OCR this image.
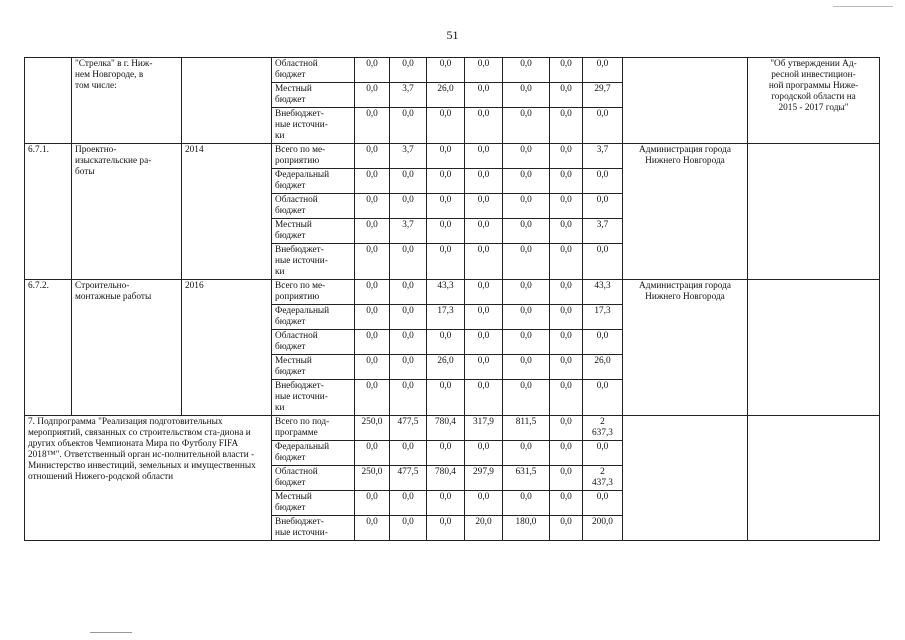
51
	"Стрелка" в г. Ниж-
нем Новгороде, в
том числе:		Областной
бюджет	0,0	0,0	0,0	0,0	0,0	0,0	0,0		"Об утверждении Ад-
ресной инвестицион-
ной программы Ниже-
городской области на
2015 - 2017 годы"
			Местный
бюджет	0,0	3,7	26,0	0,0	0,0	0,0	29,7		
			Внебюджет-
ные источни-
ки	0,0	0,0	0,0	0,0	0,0	0,0	0,0		
6.7.1.	Проектно-
изыскательские ра-
боты	2014	Всего по ме-
роприятию	0,0	3,7	0,0	0,0	0,0	0,0	3,7	Администрация города
Нижнего Новгорода	
			Федеральный
бюджет	0,0	0,0	0,0	0,0	0,0	0,0	0,0		
			Областной
бюджет	0,0	0,0	0,0	0,0	0,0	0,0	0,0		
			Местный
бюджет	0,0	3,7	0,0	0,0	0,0	0,0	3,7		
			Внебюджет-
ные источни-
ки	0,0	0,0	0,0	0,0	0,0	0,0	0,0		
6.7.2.	Строительно-
монтажные работы	2016	Всего по ме-
роприятию	0,0	0,0	43,3	0,0	0,0	0,0	43,3	Администрация города
Нижнего Новгорода	
			Федеральный
бюджет	0,0	0,0	17,3	0,0	0,0	0,0	17,3		
			Областной
бюджет	0,0	0,0	0,0	0,0	0,0	0,0	0,0		
			Местный
бюджет	0,0	0,0	26,0	0,0	0,0	0,0	26,0		
			Внебюджет-
ные источни-
ки	0,0	0,0	0,0	0,0	0,0	0,0	0,0		
7. Подпрограмма "Реализация подготовительных мероприятий, связанных со строительством ста-диона и других объектов Чемпионата Мира по Футболу FIFA 2018™". Ответственный орган ис-полнительной власти - Министерство инвестиций, земельных и имущественных отношений Нижего-родской области			Всего по под-
программе	250,0	477,5	780,4	317,9	811,5	0,0	2
637,3		
			Федеральный
бюджет	0,0	0,0	0,0	0,0	0,0	0,0	0,0		
			Областной
бюджет	250,0	477,5	780,4	297,9	631,5	0,0	2
437,3		
			Местный
бюджет	0,0	0,0	0,0	0,0	0,0	0,0	0,0		
			Внебюджет-
ные источни-	0,0	0,0	0,0	20,0	180,0	0,0	200,0		
